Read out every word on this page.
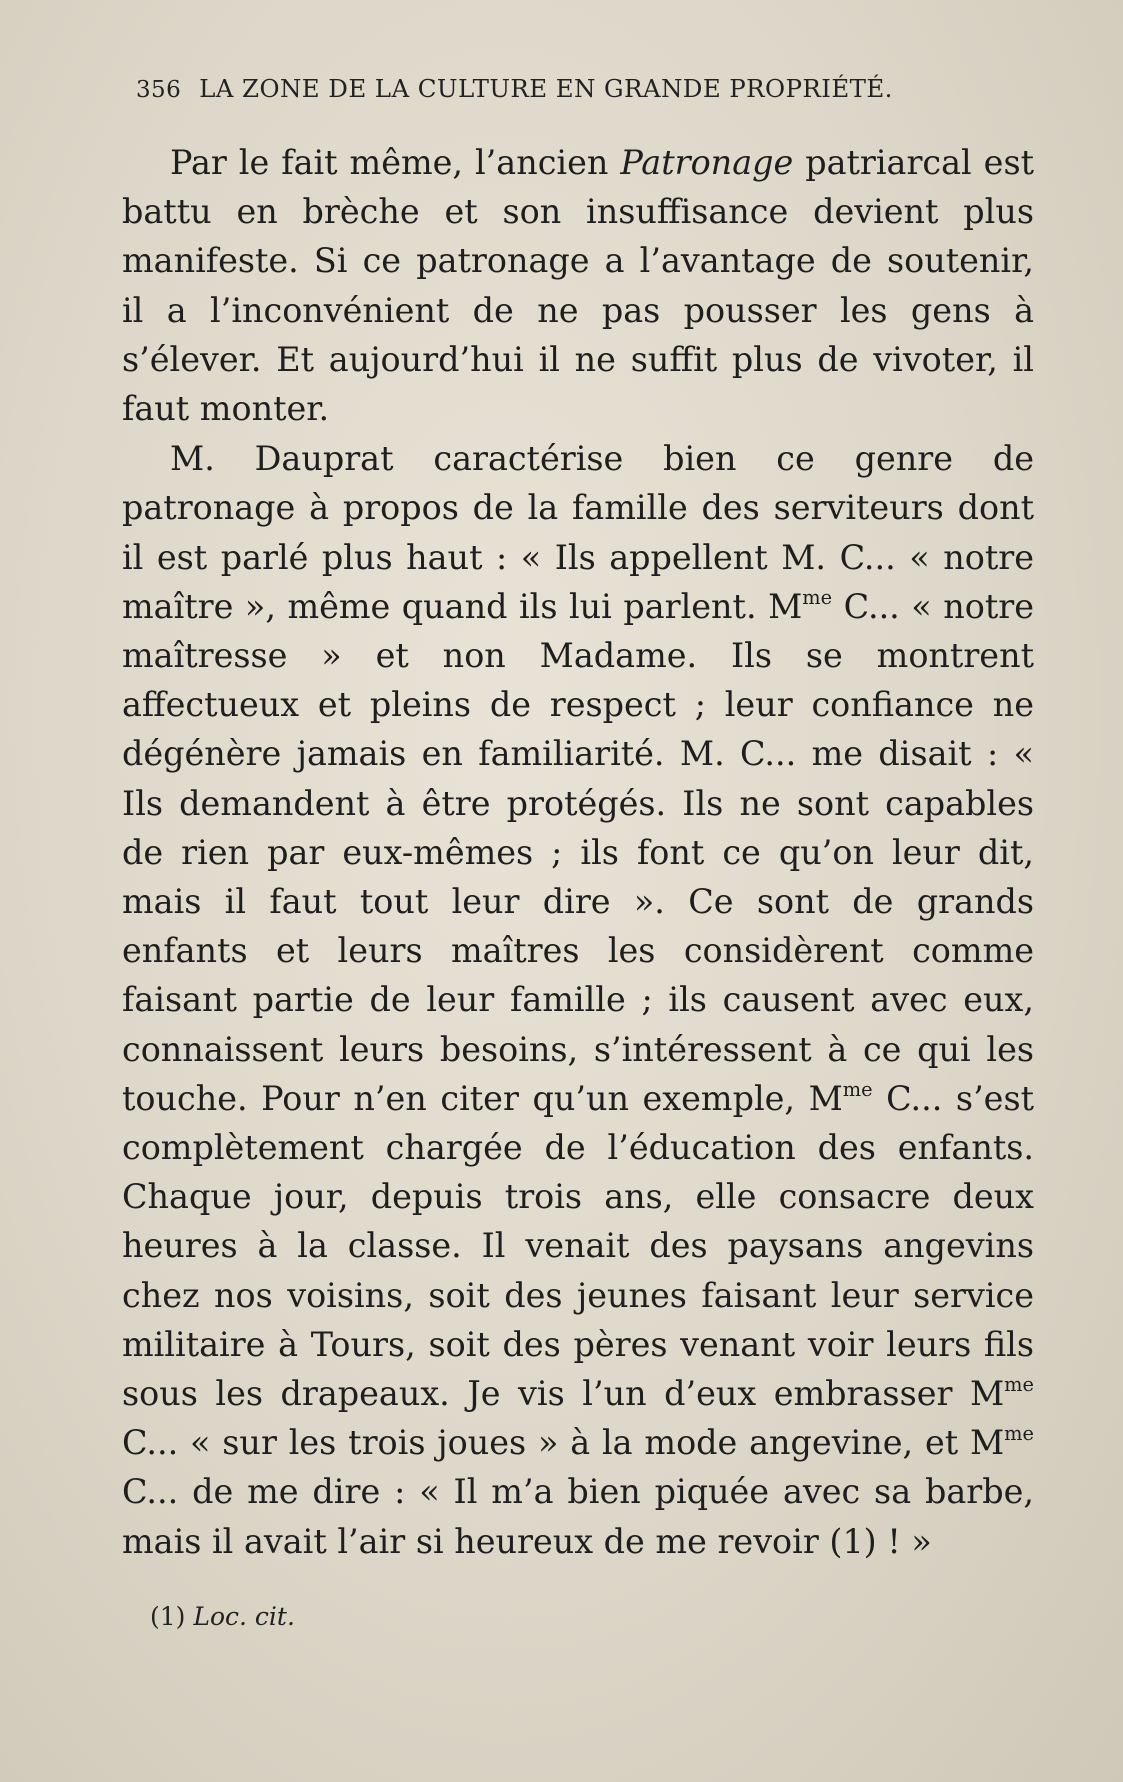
356 LA ZONE DE LA CULTURE EN GRANDE PROPRIÉTÉ.

Par le fait même, l’ancien Patronage patriarcal est battu en brèche et son insuffisance devient plus manifeste. Si ce patronage a l’avantage de soutenir, il a l’inconvénient de ne pas pousser les gens à s’élever. Et aujourd’hui il ne suffit plus de vivoter, il faut monter.

M. Dauprat caractérise bien ce genre de patronage à propos de la famille des serviteurs dont il est parlé plus haut : « Ils appellent M. C... « notre maître », même quand ils lui parlent. $M^{me}$ C... « notre maîtresse » et non Madame. Ils se montrent affectueux et pleins de respect ; leur confiance ne dégénère jamais en familiarité. M. C... me disait : « Ils demandent à être protégés. Ils ne sont capables de rien par eux-mêmes ; ils font ce qu’on leur dit, mais il faut tout leur dire ». Ce sont de grands enfants et leurs maîtres les considèrent comme faisant partie de leur famille ; ils causent avec eux, connaissent leurs besoins, s’intéressent à ce qui les touche. Pour n’en citer qu’un exemple, $M^{me}$ C... s’est complètement chargée de l’éducation des enfants. Chaque jour, depuis trois ans, elle consacre deux heures à la classe. Il venait des paysans angevins chez nos voisins, soit des jeunes faisant leur service militaire à Tours, soit des pères venant voir leurs fils sous les drapeaux. Je vis l’un d’eux embrasser $M^{me}$ C... « sur les trois joues » à la mode angevine, et $M^{me}$ C... de me dire : « Il m’a bien piquée avec sa barbe, mais il avait l’air si heureux de me revoir (1) ! »

(1) Loc. cit.
